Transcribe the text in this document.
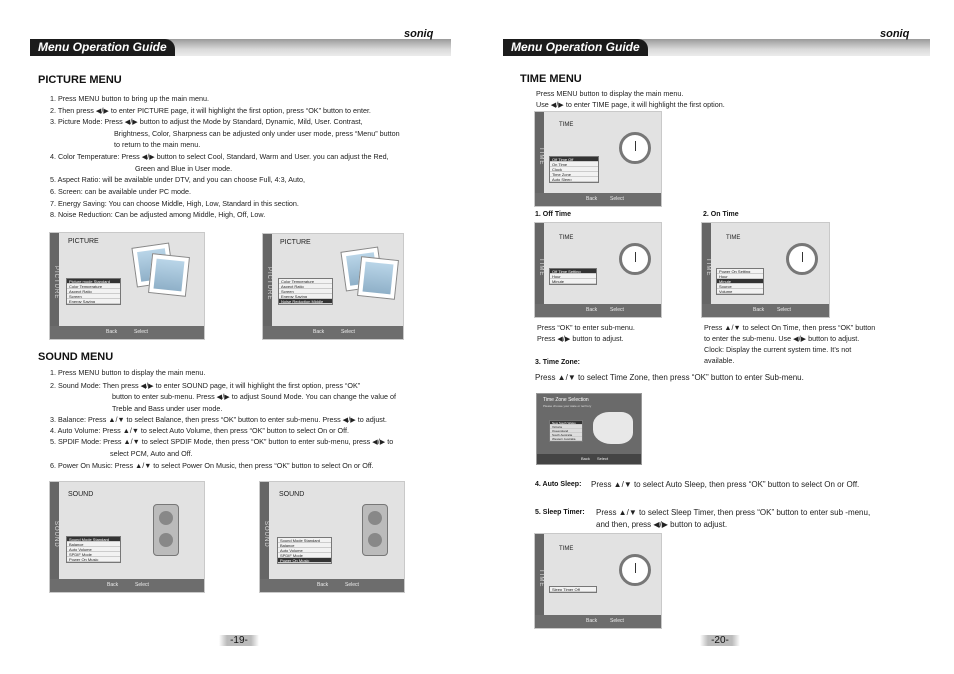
Menu Operation Guide
soniq
PICTURE MENU
1. Press MENU button to bring up the main menu.
2. Then press ◀/▶ to enter PICTURE page, it will highlight the first option, press “OK” button to enter.
3. Picture Mode: Press ◀/▶ button to adjust the Mode by Standard, Dynamic, Mild, User. Contrast,
Brightness, Color, Sharpness can be adjusted only under user mode, press “Menu” button
to return to the main menu.
4. Color Temperature: Press ◀/▶ button to select Cool, Standard, Warm and User. you can adjust the Red,
Green and Blue in User mode.
5. Aspect Ratio: will be available under DTV, and you can choose Full, 4:3, Auto,
6. Screen: can be available under PC mode.
7. Energy Saving: You can choose Middle, High, Low, Standard in this section.
8. Noise Reduction: Can be adjusted among Middle, High, Off, Low.
PICTURE
PICTURE
Picture mode Standard
Color Temperature
Aspect Ratio
Screen
Energy Saving
Back	Select
PICTURE
PICTURE
Color Temperature
Aspect Ratio
Screen
Energy Saving
Noise Reduction Middle
Back	Select
SOUND MENU
1. Press MENU button to display the main menu.
2. Sound Mode: Then press ◀/▶ to enter SOUND page, it will highlight the first option, press “OK”
button to enter sub-menu. Press ◀/▶ to adjust Sound Mode. You can change the value of
Treble and Bass under user mode.
3. Balance: Press ▲/▼ to select Balance, then press “OK” button to enter sub-menu. Press ◀/▶ to adjust.
4. Auto Volume: Press ▲/▼ to select Auto Volume, then press “OK” button to select On or Off.
5. SPDIF Mode: Press ▲/▼ to select SPDIF Mode, then press “OK” button to enter sub-menu, press ◀/▶ to
select PCM, Auto and Off.
6. Power On Music: Press ▲/▼ to select Power On Music, then press “OK” button to select On or Off.
SOUND
SOUND
Sound Mode Standard
Balance
Auto Volume
SPDIF Mode
Power On Music
Back	Select
SOUND
SOUND
Sound Mode Standard
Balance
Auto Volume
SPDIF Mode
Power On Music
Back	Select
-19-
Menu Operation Guide
soniq
TIME MENU
Press MENU button to display the main menu.
Use ◀/▶ to enter TIME page, it will highlight the first option.
TIME
TIME
Off Time Off
On Time
Clock
Time Zone
Auto Sleep
Back	Select
1. Off Time
TIME
TIME
Off Time Setting
Hour
Minute
Back	Select
Press “OK” to enter sub-menu.
Press ◀/▶ button to adjust.
2. On Time
TIME
TIME
Power On Setting
Hour
Minute
Source
Volume
Back	Select
Press ▲/▼ to select On Time, then press “OK” button
to enter the sub-menu. Use ◀/▶ button to adjust.
Clock: Display the current system time. It’s not
available.
3. Time Zone:
Press ▲/▼ to select Time Zone, then press “OK” button to enter Sub-menu.
Time Zone Selection
Please choose your state or territory
New South Wales
Victoria
Queensland
South Australia
Western Australia
Back Select
4. Auto Sleep: Press ▲/▼ to select Auto Sleep, then press “OK” button to select On or Off.
5. Sleep Timer: Press ▲/▼ to select Sleep Timer, then press “OK” button to enter sub -menu,
and then, press ◀/▶ button to adjust.
TIME
TIME
Sleep Timer Off
Back	Select
-20-
